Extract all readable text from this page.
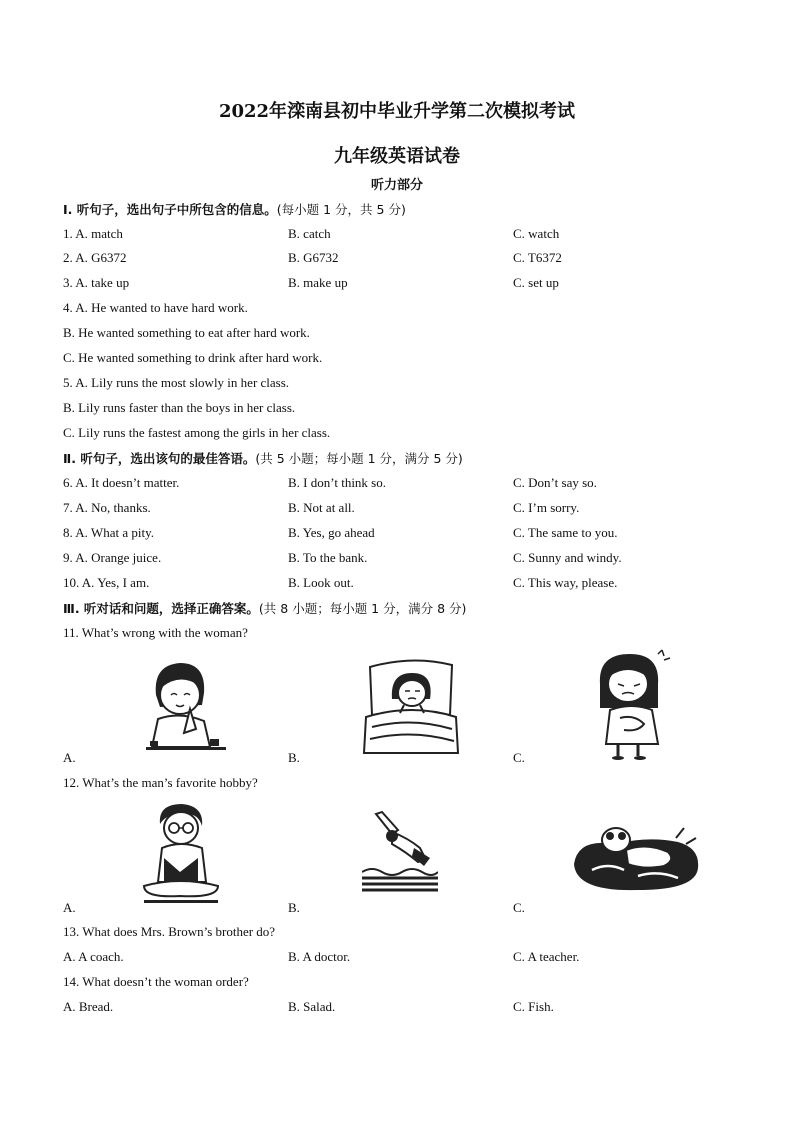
2022年滦南县初中毕业升学第二次模拟考试
九年级英语试卷
听力部分
Ⅰ. 听句子，选出句子中所包含的信息。(每小题 1 分，共 5 分)
1. A. match	B. catch	C. watch
2. A. G6372	B. G6732	C. T6372
3. A. take up	B. make up	C. set up
4. A. He wanted to have hard work.
B. He wanted something to eat after hard work.
C. He wanted something to drink after hard work.
5. A. Lily runs the most slowly in her class.
B. Lily runs faster than the boys in her class.
C. Lily runs the fastest among the girls in her class.
Ⅱ. 听句子，选出该句的最佳答语。(共 5 小题；每小题 1 分，满分 5 分)
6. A. It doesn’t matter.	B. I don’t think so.	C. Don’t say so.
7. A. No, thanks.	B. Not at all.	C. I’m sorry.
8. A. What a pity.	B. Yes, go ahead	C. The same to you.
9. A. Orange juice.	B. To the bank.	C. Sunny and windy.
10. A. Yes, I am.	B. Look out.	C. This way, please.
Ⅲ. 听对话和问题，选择正确答案。(共 8 小题；每小题 1 分，满分 8 分)
11. What’s wrong with the woman?
A.	B.	C.
12. What’s the man’s favorite hobby?
A.	B.	C.
13. What does Mrs. Brown’s brother do?
A. A coach.	B. A doctor.	C. A teacher.
14. What doesn’t the woman order?
A. Bread.	B. Salad.	C. Fish.
